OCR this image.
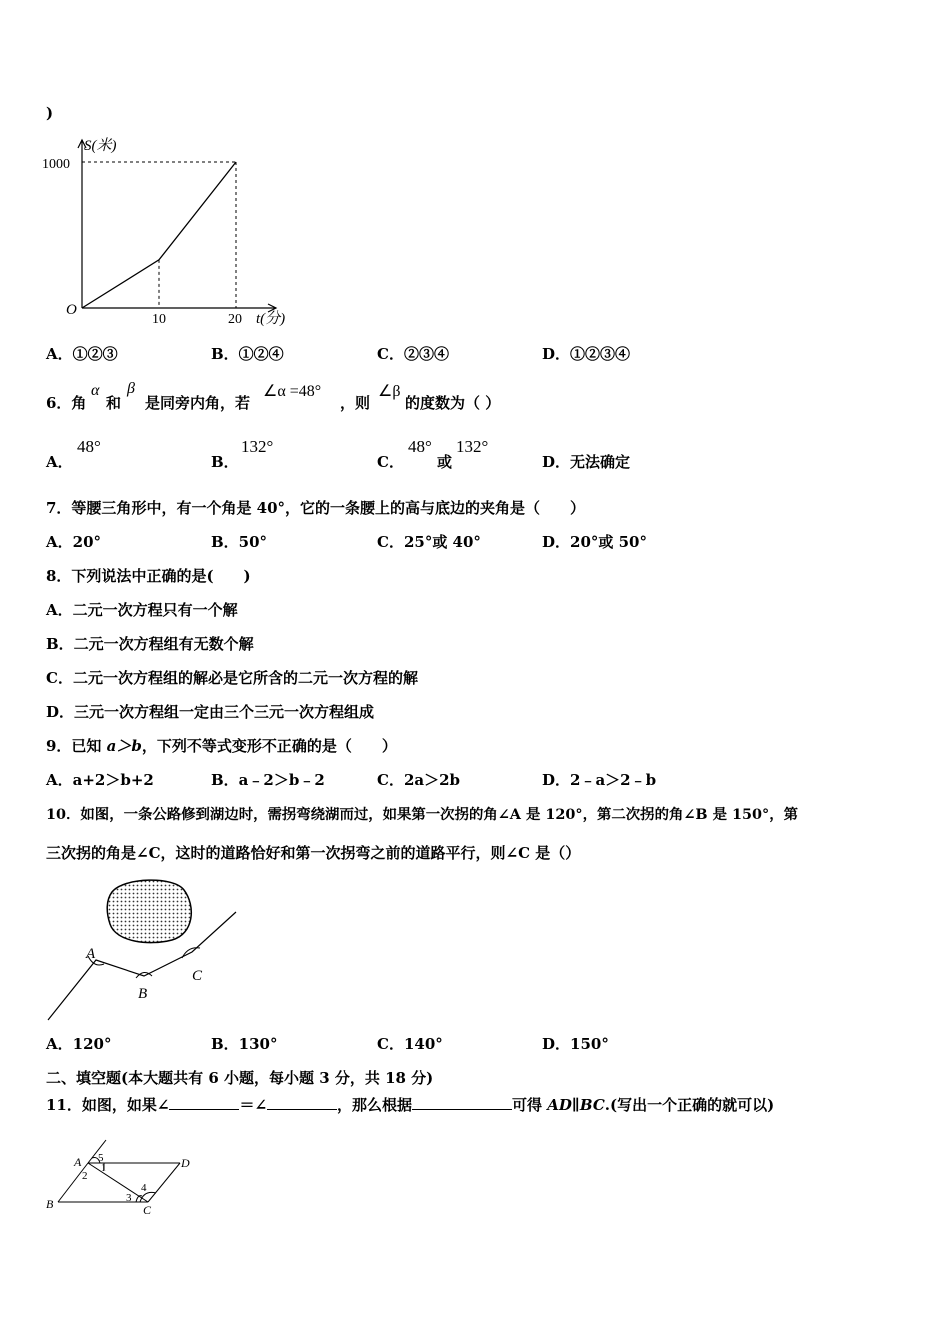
)
S(米)
1000
O
10	20 t(分)
A．①②③	B．①②④	C．②③④	D．①②③④
6．角
α
和
β
是同旁内角，若
∠α =48°
，则
∠β
的度数为（ ）
A．
48°
B．
132°
C．
48°
或
132°
D．无法确定
7．等腰三角形中，有一个角是 40°，它的一条腰上的高与底边的夹角是（　　）
A．20°	B．50°	C．25°或 40°	D．20°或 50°
8．下列说法中正确的是(　　)
A．二元一次方程只有一个解
B．二元一次方程组有无数个解
C．二元一次方程组的解必是它所含的二元一次方程的解
D．三元一次方程组一定由三个三元一次方程组成
9．已知 a＞b，下列不等式变形不正确的是（　　）
A．a+2＞b+2	B．a﹣2＞b﹣2	C．2a＞2b	D．2﹣a＞2﹣b
10．如图，一条公路修到湖边时，需拐弯绕湖而过，如果第一次拐的角∠A 是 120°，第二次拐的角∠B 是 150°，第
三次拐的角是∠C，这时的道路恰好和第一次拐弯之前的道路平行，则∠C 是（）
A
B
C
A．120°	B．130°	C．140°	D．150°
二、填空题(本大题共有 6 小题，每小题 3 分，共 18 分)
11．如图，如果∠	＝∠	，那么根据	可得 AD∥BC.(写出一个正确的就可以)
A
B	C
D
1
2
3
4
5
